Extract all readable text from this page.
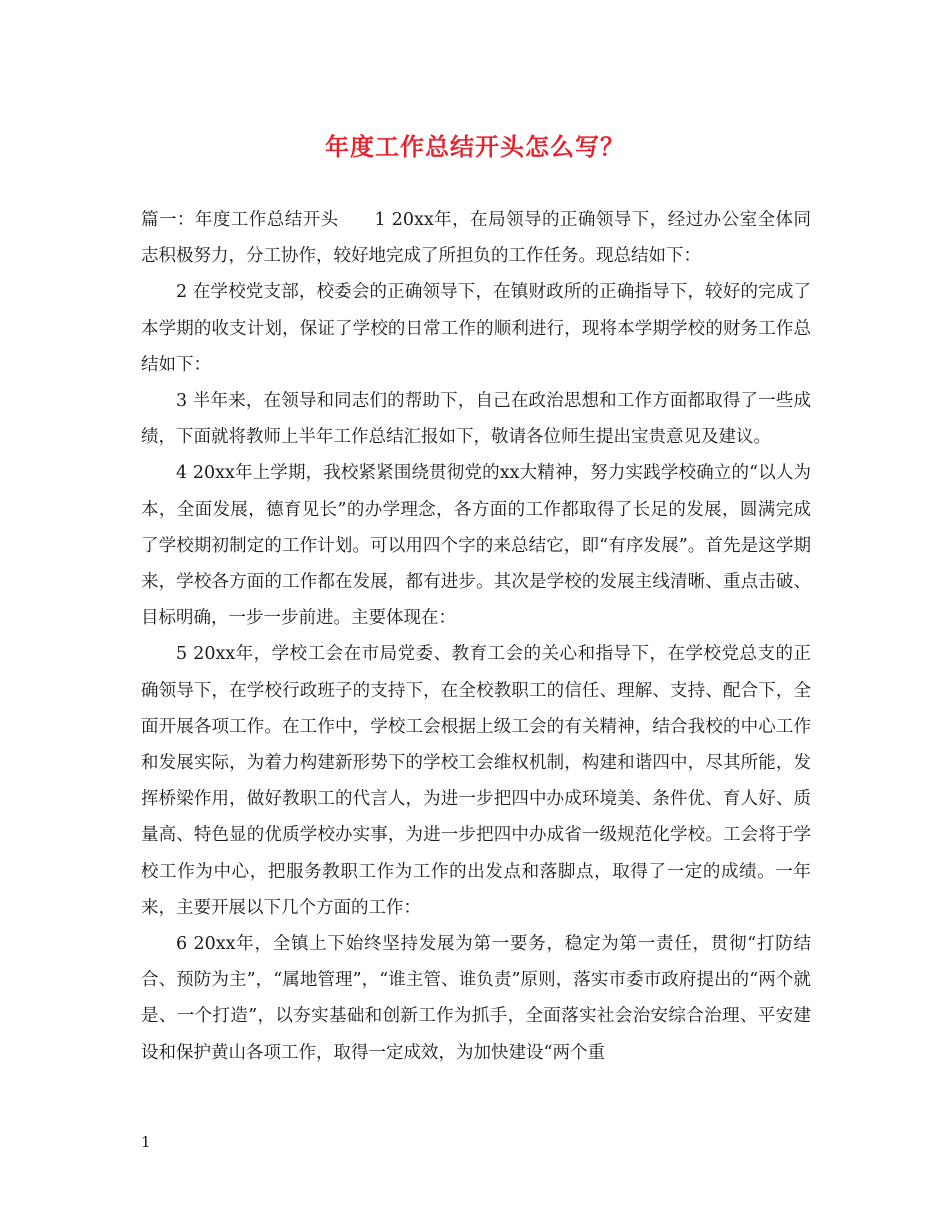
年度工作总结开头怎么写？

篇一：年度工作总结开头　　1 20xx年，在局领导的正确领导下，经过办公室全体同志积极努力，分工协作，较好地完成了所担负的工作任务。现总结如下：

2 在学校党支部，校委会的正确领导下，在镇财政所的正确指导下，较好的完成了本学期的收支计划，保证了学校的日常工作的顺利进行，现将本学期学校的财务工作总结如下：

3 半年来，在领导和同志们的帮助下，自己在政治思想和工作方面都取得了一些成绩，下面就将教师上半年工作总结汇报如下，敬请各位师生提出宝贵意见及建议。

4 20xx年上学期，我校紧紧围绕贯彻党的xx大精神，努力实践学校确立的“以人为本，全面发展，德育见长”的办学理念，各方面的工作都取得了长足的发展，圆满完成了学校期初制定的工作计划。可以用四个字的来总结它，即“有序发展”。首先是这学期来，学校各方面的工作都在发展，都有进步。其次是学校的发展主线清晰、重点击破、目标明确，一步一步前进。主要体现在：

5 20xx年，学校工会在市局党委、教育工会的关心和指导下，在学校党总支的正确领导下，在学校行政班子的支持下，在全校教职工的信任、理解、支持、配合下，全面开展各项工作。在工作中，学校工会根据上级工会的有关精神，结合我校的中心工作和发展实际，为着力构建新形势下的学校工会维权机制，构建和谐四中，尽其所能，发挥桥梁作用，做好教职工的代言人，为进一步把四中办成环境美、条件优、育人好、质量高、特色显的优质学校办实事，为进一步把四中办成省一级规范化学校。工会将于学校工作为中心，把服务教职工作为工作的出发点和落脚点，取得了一定的成绩。一年来，主要开展以下几个方面的工作：

6 20xx年，全镇上下始终坚持发展为第一要务，稳定为第一责任，贯彻“打防结合、预防为主”，“属地管理”，“谁主管、谁负责”原则，落实市委市政府提出的“两个就是、一个打造”，以夯实基础和创新工作为抓手，全面落实社会治安综合治理、平安建设和保护黄山各项工作，取得一定成效，为加快建设“两个重

1
